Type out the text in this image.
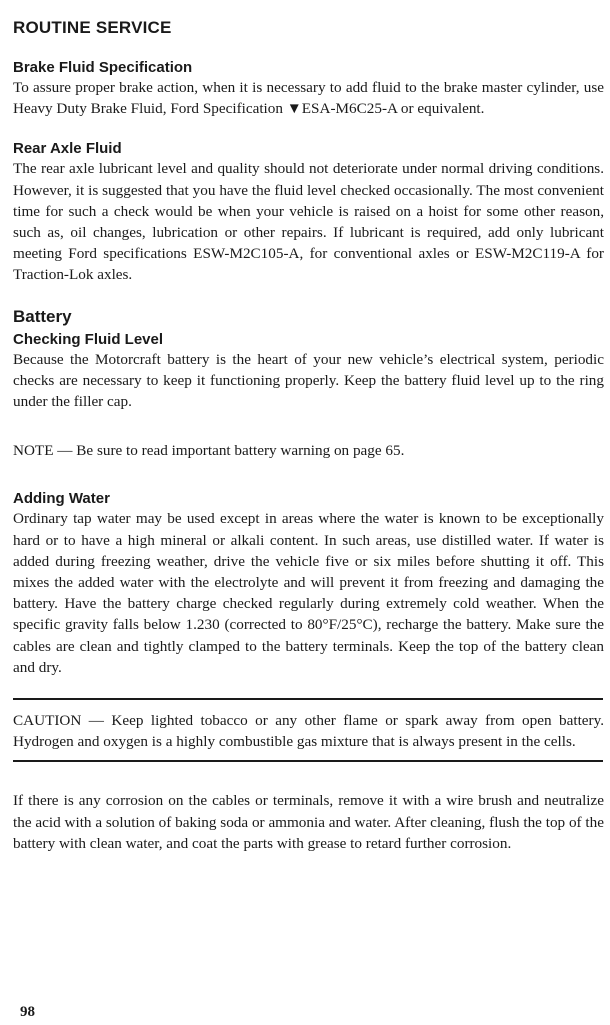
ROUTINE SERVICE
Brake Fluid Specification

To assure proper brake action, when it is necessary to add fluid to the brake master cylinder, use Heavy Duty Brake Fluid, Ford Specification ▼ESA-M6C25-A or equivalent.

Rear Axle Fluid

The rear axle lubricant level and quality should not deteriorate under normal driving conditions. However, it is suggested that you have the fluid level checked occasionally. The most convenient time for such a check would be when your vehicle is raised on a hoist for some other reason, such as, oil changes, lubrication or other repairs. If lubricant is required, add only lubricant meeting Ford specifications ESW-M2C105-A, for conventional axles or ESW-M2C119-A for Traction-Lok axles.

Battery
Checking Fluid Level

Because the Motorcraft battery is the heart of your new vehicle’s electrical system, periodic checks are necessary to keep it functioning properly. Keep the battery fluid level up to the ring under the filler cap.

NOTE — Be sure to read important battery warning on page 65.

Adding Water

Ordinary tap water may be used except in areas where the water is known to be exceptionally hard or to have a high mineral or alkali content. In such areas, use distilled water. If water is added during freezing weather, drive the vehicle five or six miles before shutting it off. This mixes the added water with the electrolyte and will prevent it from freezing and damaging the battery. Have the battery charge checked regularly during extremely cold weather. When the specific gravity falls below 1.230 (corrected to 80°F/25°C), recharge the battery. Make sure the cables are clean and tightly clamped to the battery terminals. Keep the top of the battery clean and dry.

CAUTION — Keep lighted tobacco or any other flame or spark away from open battery. Hydrogen and oxygen is a highly combustible gas mixture that is always present in the cells.

If there is any corrosion on the cables or terminals, remove it with a wire brush and neutralize the acid with a solution of baking soda or ammonia and water. After cleaning, flush the top of the battery with clean water, and coat the parts with grease to retard further corrosion.

98
